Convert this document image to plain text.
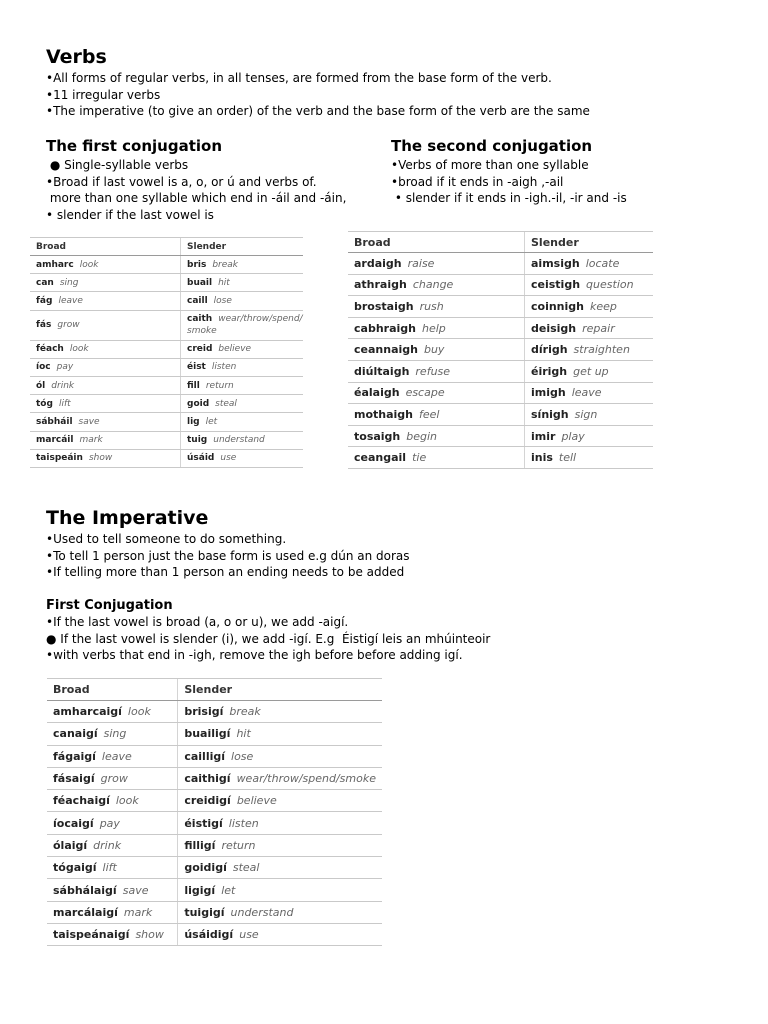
Verbs
•All forms of regular verbs, in all tenses, are formed from the base form of the verb.
•11 irregular verbs
•The imperative (to give an order) of the verb and the base form of the verb are the same
The first conjugation
● Single-syllable verbs
•Broad if last vowel is a, o, or ú and verbs of.
more than one syllable which end in -áil and -áin,
• slender if the last vowel is
The second conjugation
•Verbs of more than one syllable
•broad if it ends in -aigh ,-ail
• slender if it ends in -igh.-il, -ir and -is
Broad	Slender
amharc look	bris break
can sing	buail hit
fág leave	caill lose
fás grow	caith wear/throw/spend/ smoke
féach look	creid believe
íoc pay	éist listen
ól drink	fill return
tóg lift	goid steal
sábháil save	lig let
marcáil mark	tuig understand
taispeáin show	úsáid use
Broad	Slender
ardaigh raise	aimsigh locate
athraigh change	ceistigh question
brostaigh rush	coinnigh keep
cabhraigh help	deisigh repair
ceannaigh buy	dírigh straighten
diúltaigh refuse	éirigh get up
éalaigh escape	imigh leave
mothaigh feel	sínigh sign
tosaigh begin	imir play
ceangail tie	inis tell
The Imperative
•Used to tell someone to do something.
•To tell 1 person just the base form is used e.g dún an doras
•If telling more than 1 person an ending needs to be added
First Conjugation
•If the last vowel is broad (a, o or u), we add -aigí.
● If the last vowel is slender (i), we add -igí. E.g  Éistigí leis an mhúinteoir
•with verbs that end in -igh, remove the igh before before adding igí.
Broad	Slender
amharcaigí look	brisigí break
canaigí sing	buailigí hit
fágaigí leave	cailligí lose
fásaigí grow	caithigí wear/throw/spend/smoke
féachaigí look	creidigí believe
íocaigí pay	éistigí listen
ólaigí drink	filligí return
tógaigí lift	goidigí steal
sábhálaigí save	ligigí let
marcálaigí mark	tuigigí understand
taispeánaigí show	úsáidigí use
